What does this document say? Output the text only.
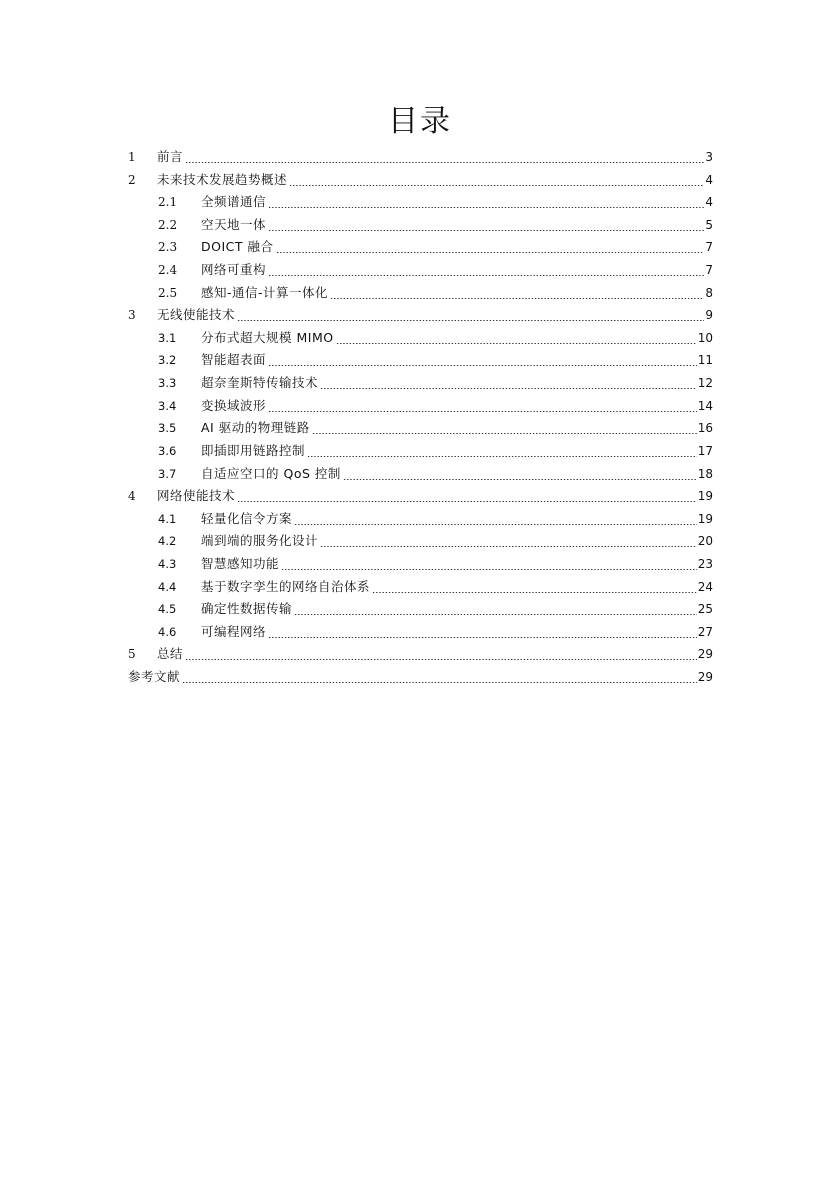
目录
1 前言	3
2 未来技术发展趋势概述	4
2.1 全频谱通信	4
2.2 空天地一体	5
2.3 DOICT 融合	7
2.4 网络可重构	7
2.5 感知-通信-计算一体化	8
3 无线使能技术	9
3.1 分布式超大规模 MIMO	10
3.2 智能超表面	11
3.3 超奈奎斯特传输技术	12
3.4 变换域波形	14
3.5 AI 驱动的物理链路	16
3.6 即插即用链路控制	17
3.7 自适应空口的 QoS 控制	18
4 网络使能技术	19
4.1 轻量化信令方案	19
4.2 端到端的服务化设计	20
4.3 智慧感知功能	23
4.4 基于数字孪生的网络自治体系	24
4.5 确定性数据传输	25
4.6 可编程网络	27
5 总结	29
参考文献	29
